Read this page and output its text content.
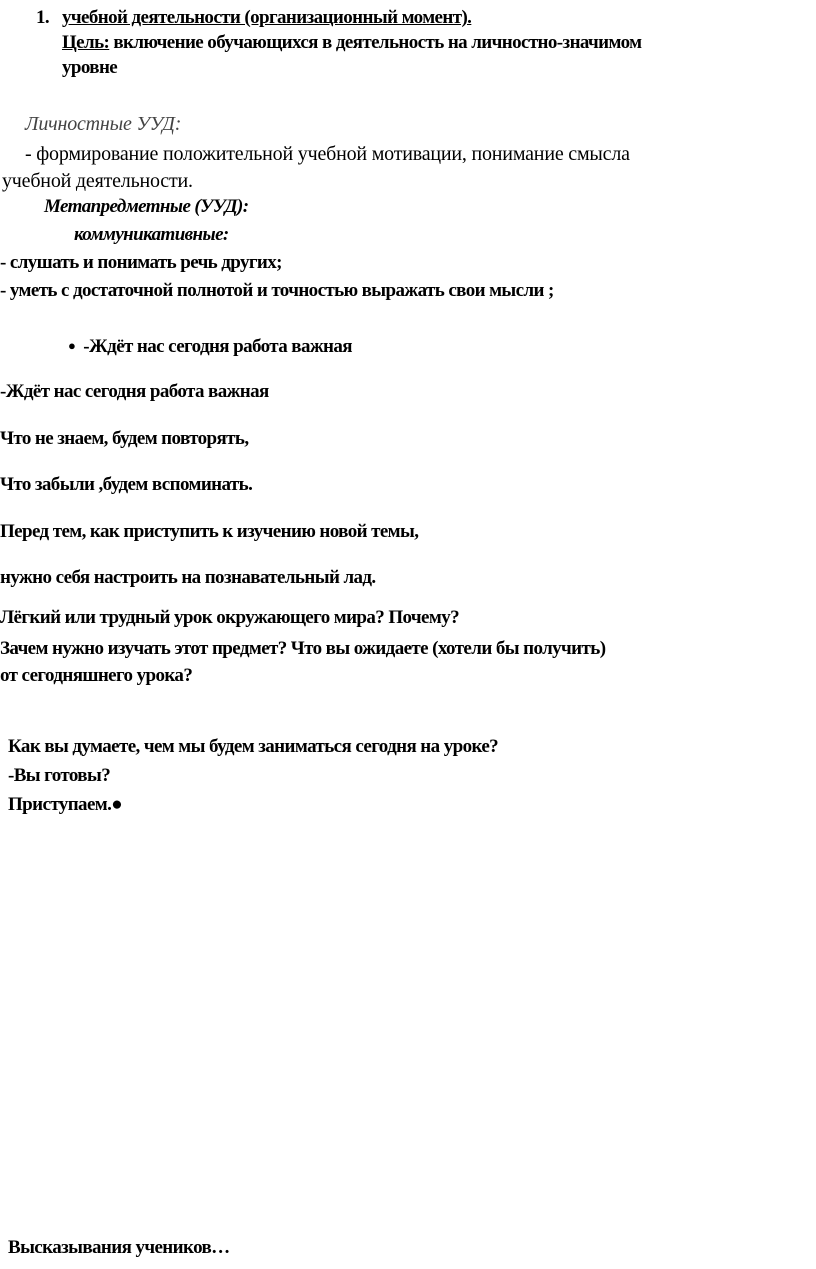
1. учебной деятельности (организационный момент).
Цель: включение обучающихся в деятельность на личностно-значимом
уровне
Личностные УУД:
- формирование положительной учебной мотивации, понимание смысла
учебной деятельности.
Метапредметные (УУД):
коммуникативные:
- слушать и понимать речь других;
- уметь с достаточной полнотой и точностью выражать свои мысли ;
● -Ждёт нас сегодня работа важная
-Ждёт нас сегодня работа важная
Что не знаем, будем повторять,
Что забыли ,будем вспоминать.
Перед тем, как приступить к изучению новой темы,
нужно себя настроить на познавательный лад.
Лёгкий или трудный урок окружающего мира? Почему?
Зачем нужно изучать этот предмет? Что вы ожидаете (хотели бы получить)
от сегодняшнего урока?
Как вы думаете, чем мы будем заниматься сегодня на уроке?
-Вы готовы?
Приступаем.●
Высказывания учеников…
